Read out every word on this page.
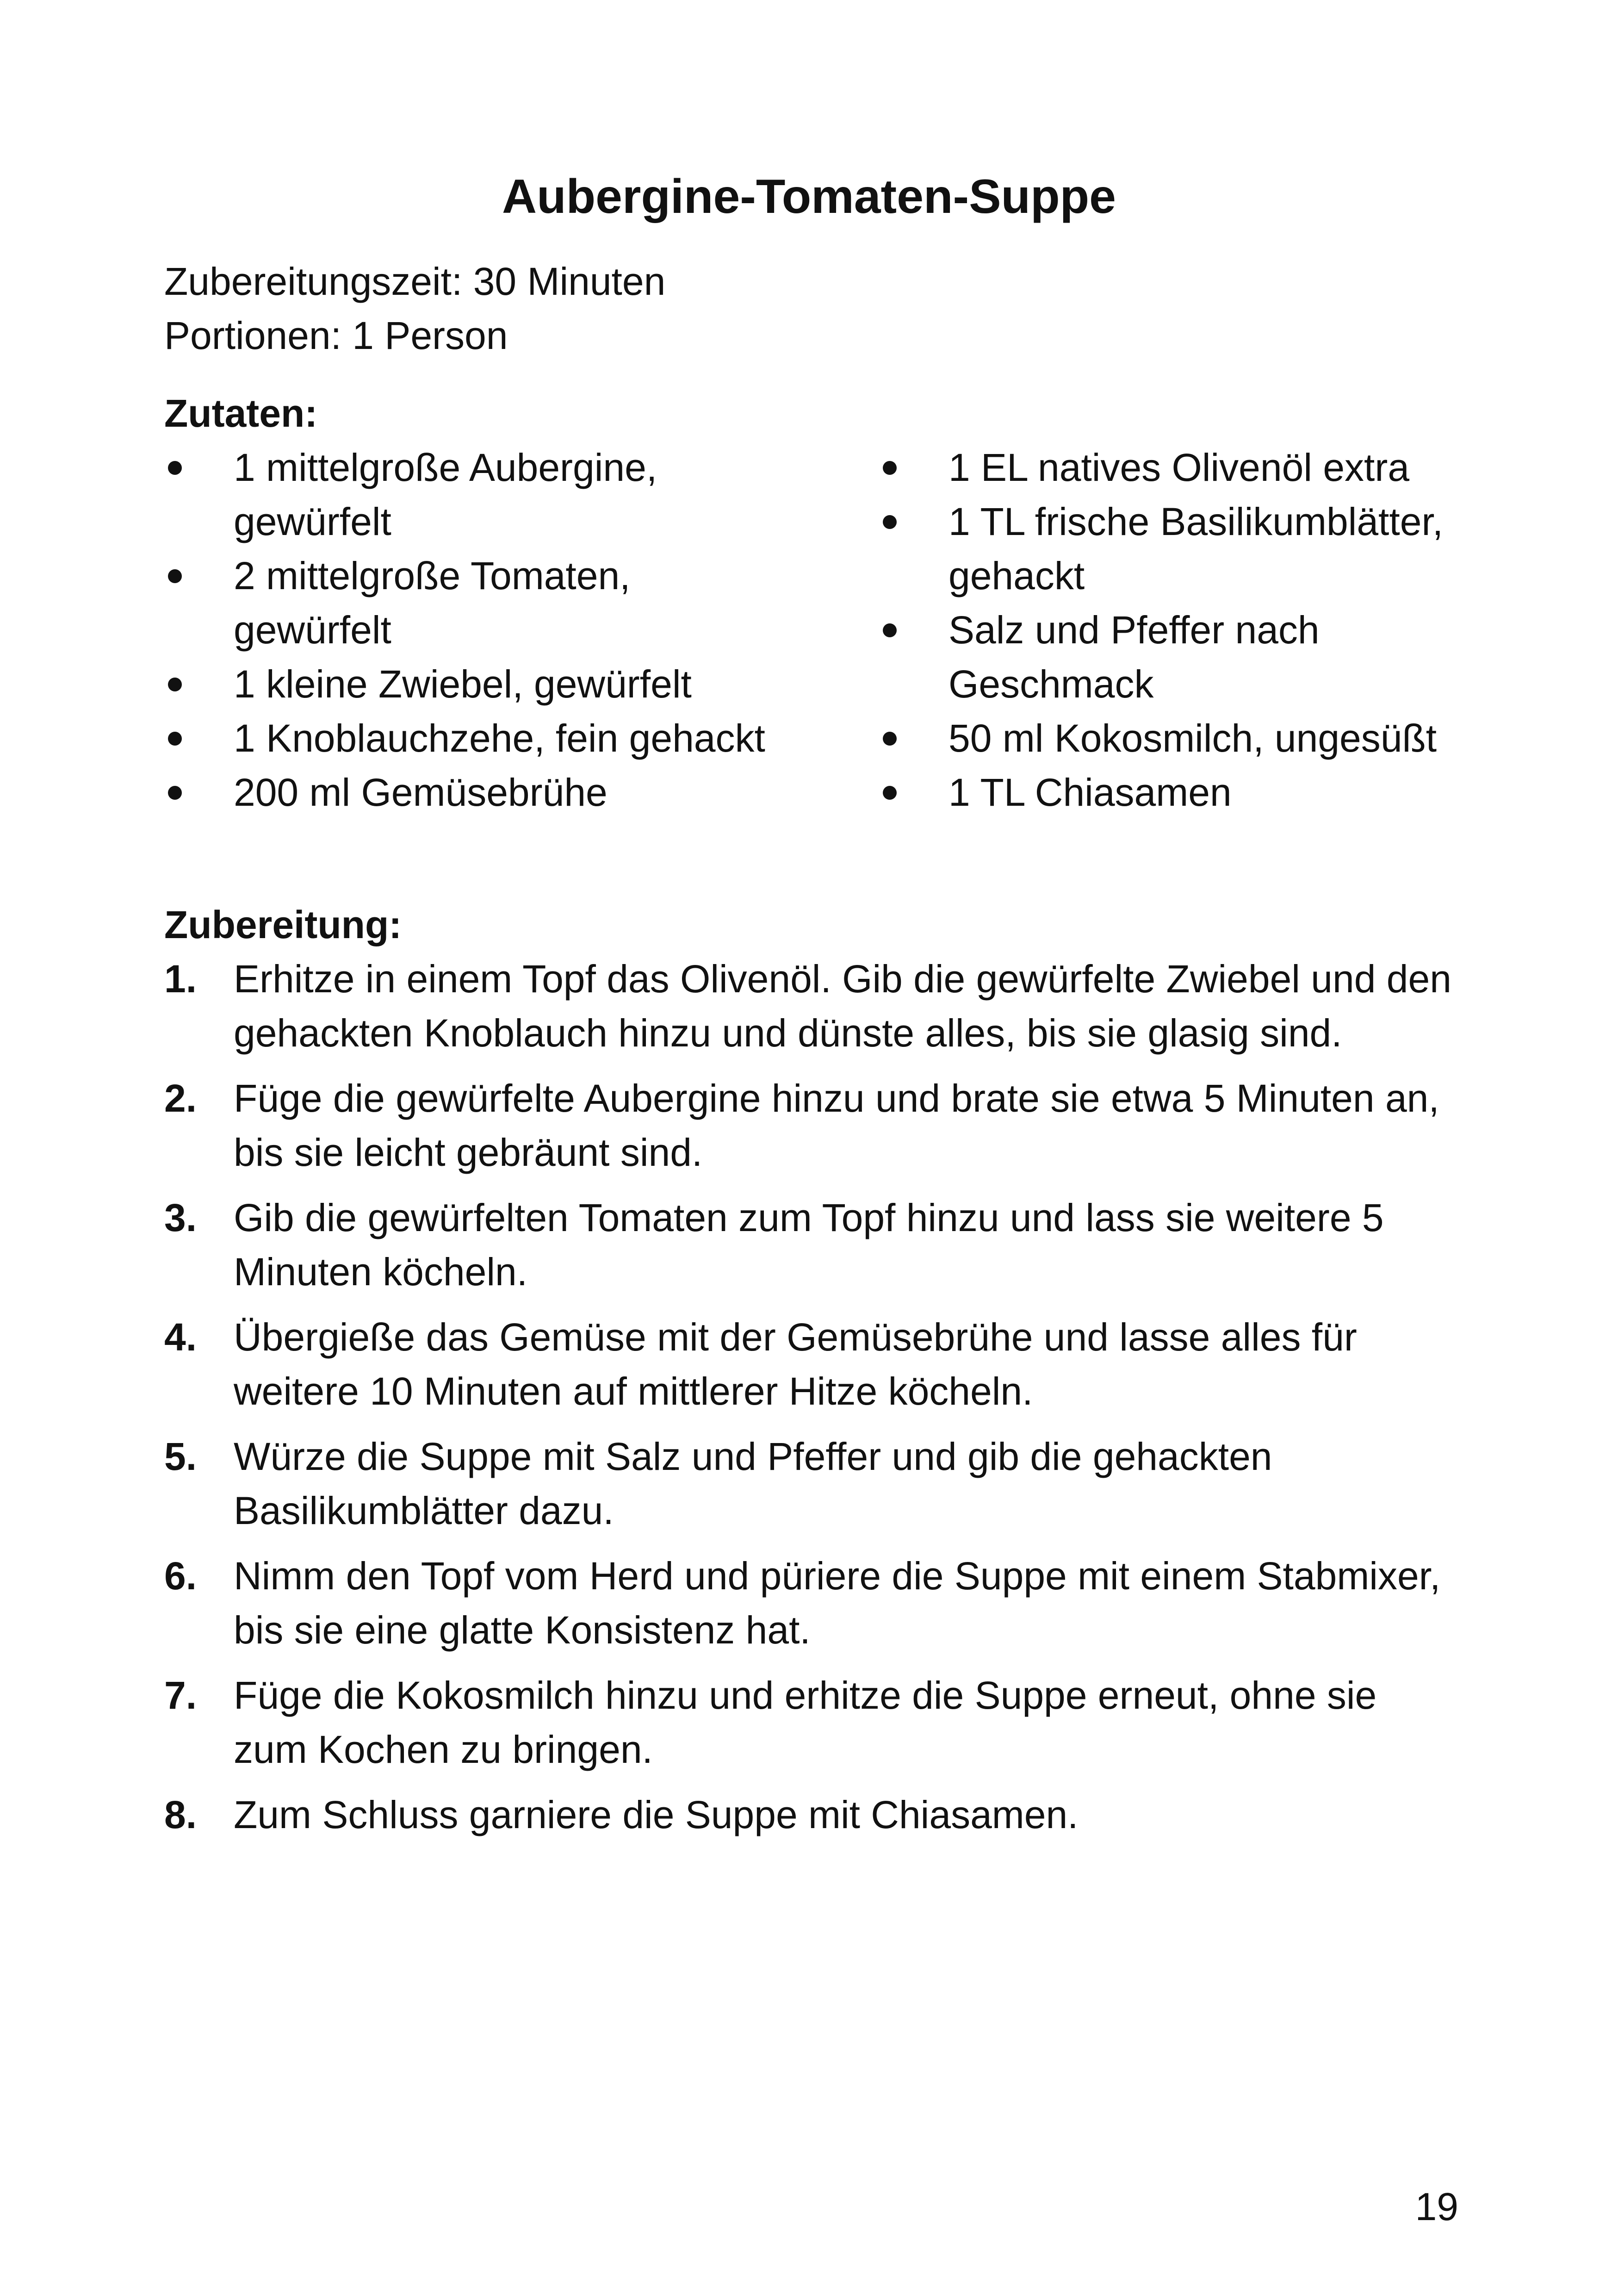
Aubergine-Tomaten-Suppe
Zubereitungszeit: 30 Minuten
Portionen: 1 Person
Zutaten:
1 mittelgroße Aubergine, gewürfelt
2 mittelgroße Tomaten, gewürfelt
1 kleine Zwiebel, gewürfelt
1 Knoblauchzehe, fein gehackt
200 ml Gemüsebrühe
1 EL natives Olivenöl extra
1 TL frische Basilikumblätter, gehackt
Salz und Pfeffer nach Geschmack
50 ml Kokosmilch, ungesüßt
1 TL Chiasamen
Zubereitung:
1. Erhitze in einem Topf das Olivenöl. Gib die gewürfelte Zwiebel und den gehackten Knoblauch hinzu und dünste alles, bis sie glasig sind.
2. Füge die gewürfelte Aubergine hinzu und brate sie etwa 5 Minuten an, bis sie leicht gebräunt sind.
3. Gib die gewürfelten Tomaten zum Topf hinzu und lass sie weitere 5 Minuten köcheln.
4. Übergieße das Gemüse mit der Gemüsebrühe und lasse alles für weitere 10 Minuten auf mittlerer Hitze köcheln.
5. Würze die Suppe mit Salz und Pfeffer und gib die gehackten Basilikumblätter dazu.
6. Nimm den Topf vom Herd und püriere die Suppe mit einem Stabmixer, bis sie eine glatte Konsistenz hat.
7. Füge die Kokosmilch hinzu und erhitze die Suppe erneut, ohne sie zum Kochen zu bringen.
8. Zum Schluss garniere die Suppe mit Chiasamen.
19
